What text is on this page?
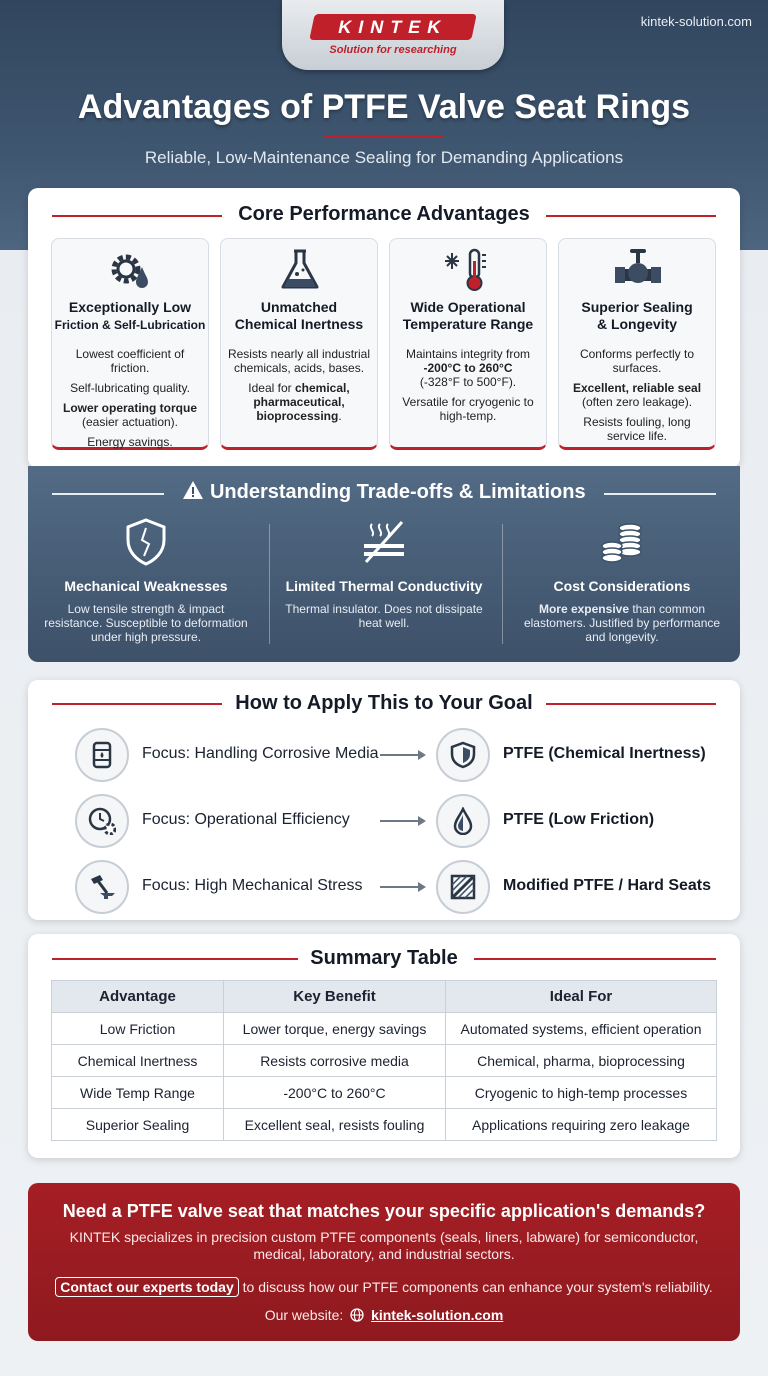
KINTEK
Solution for researching
kintek-solution.com
Advantages of PTFE Valve Seat Rings
Reliable, Low-Maintenance Sealing for Demanding Applications
Core Performance Advantages
Exceptionally Low
Friction & Self-Lubrication

Lowest coefficient of friction.

Self-lubricating quality.

Lower operating torque
(easier actuation).

Energy savings.

Unmatched
Chemical Inertness

Resists nearly all industrial chemicals, acids, bases.

Ideal for chemical, pharmaceutical, bioprocessing.

Wide Operational
Temperature Range

Maintains integrity from
-200°C to 260°C
(-328°F to 500°F).

Versatile for cryogenic to high-temp.

Superior Sealing
& Longevity

Conforms perfectly to surfaces.

Excellent, reliable seal
(often zero leakage).

Resists fouling, long service life.

Understanding Trade-offs & Limitations
Mechanical Weaknesses

Low tensile strength & impact resistance. Susceptible to deformation under high pressure.

Limited Thermal Conductivity

Thermal insulator. Does not dissipate heat well.

Cost Considerations

More expensive than common elastomers. Justified by performance and longevity.

How to Apply This to Your Goal
Focus: Handling Corrosive Media	PTFE (Chemical Inertness)
Focus: Operational Efficiency	PTFE (Low Friction)
Focus: High Mechanical Stress	Modified PTFE / Hard Seats
Summary Table
Advantage	Key Benefit	Ideal For
Low Friction	Lower torque, energy savings	Automated systems, efficient operation
Chemical Inertness	Resists corrosive media	Chemical, pharma, bioprocessing
Wide Temp Range	-200°C to 260°C	Cryogenic to high-temp processes
Superior Sealing	Excellent seal, resists fouling	Applications requiring zero leakage
Need a PTFE valve seat that matches your specific application's demands?
KINTEK specializes in precision custom PTFE components (seals, liners, labware) for semiconductor, medical, laboratory, and industrial sectors.
Contact our experts today to discuss how our PTFE components can enhance your system's reliability.
Our website: kintek-solution.com
